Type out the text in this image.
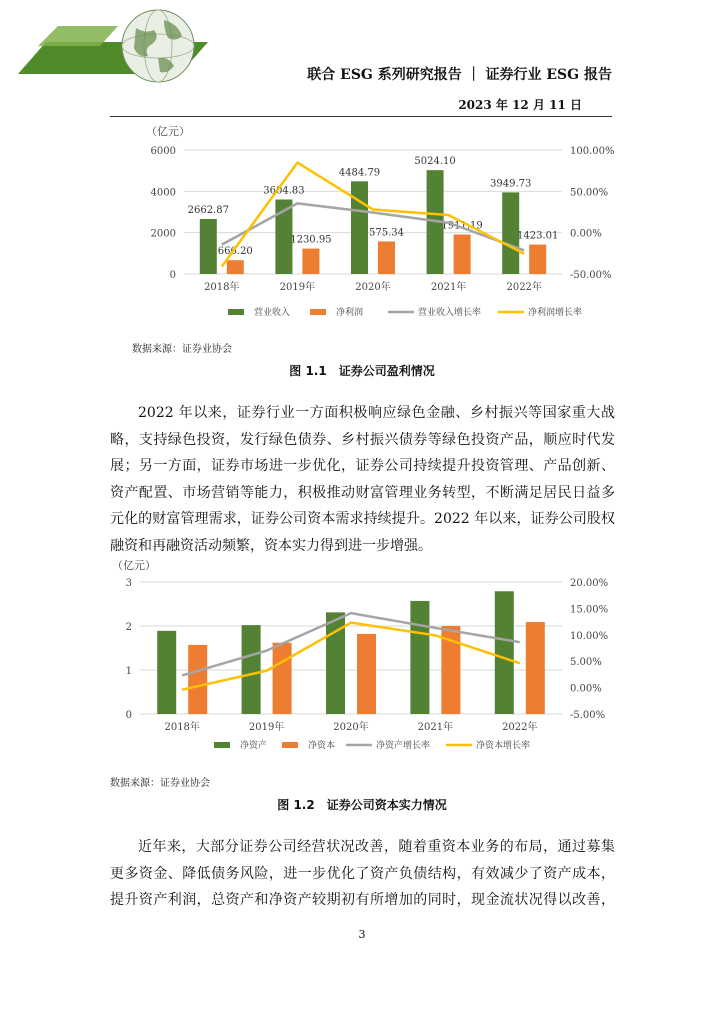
联合 ESG 系列研究报告 ｜ 证券行业 ESG 报告
2023 年 12 月 11 日
（亿元）
0
2000
4000
6000
-50.00%
0.00%
50.00%
100.00%
2018年	2019年	2020年	2021年	2022年
2662.87
3604.83
4484.79
5024.10
3949.73
666.20
1230.95
575.34
1911.19
1423.01
营业收入	净利润	营业收入增长率	净利润增长率
数据来源：证券业协会
图 1.1　证券公司盈利情况
2022 年以来，证券行业一方面积极响应绿色金融、乡村振兴等国家重大战
略，支持绿色投资，发行绿色债券、乡村振兴债券等绿色投资产品，顺应时代发
展；另一方面，证券市场进一步优化，证券公司持续提升投资管理、产品创新、
资产配置、市场营销等能力，积极推动财富管理业务转型，不断满足居民日益多
元化的财富管理需求，证券公司资本需求持续提升。2022 年以来，证券公司股权
融资和再融资活动频繁，资本实力得到进一步增强。
（亿元）
0
1
2
3
-5.00%
0.00%
5.00%
10.00%
15.00%
20.00%
2018年	2019年	2020年	2021年	2022年
净资产	净资本	净资产增长率	净资本增长率
数据来源：证券业协会
图 1.2　证券公司资本实力情况
近年来，大部分证券公司经营状况改善，随着重资本业务的布局，通过募集
更多资金、降低债务风险，进一步优化了资产负债结构，有效减少了资产成本，
提升资产利润，总资产和净资产较期初有所增加的同时，现金流状况得以改善，
3
